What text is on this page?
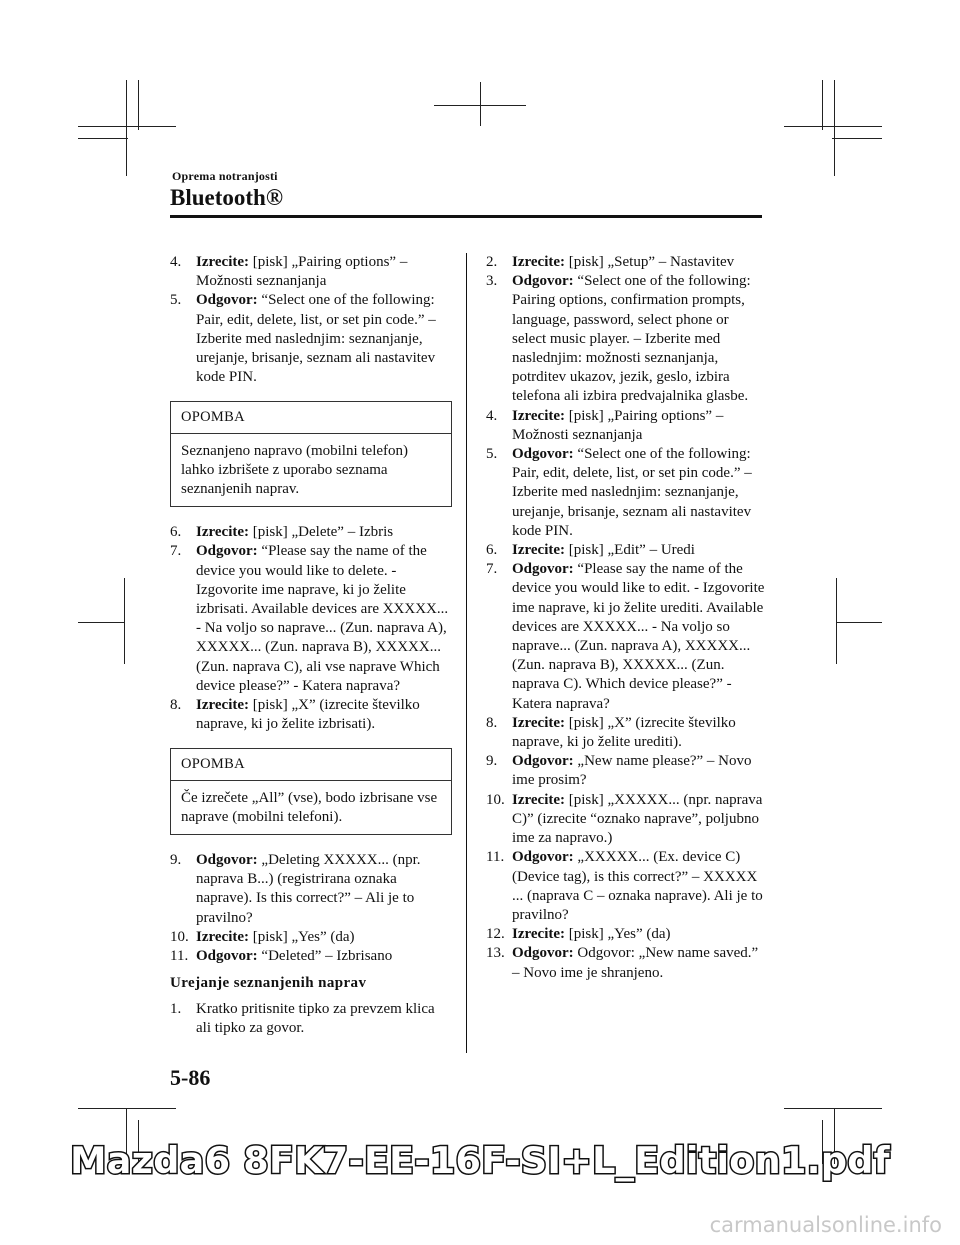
Oprema notranjosti
Bluetooth®
4. Izrecite: [pisk] „Pairing options” – Možnosti seznanjanja
5. Odgovor: “Select one of the following: Pair, edit, delete, list, or set pin code.” – Izberite med naslednjim: seznanjanje, urejanje, brisanje, seznam ali nastavitev kode PIN.
OPOMBA
Seznanjeno napravo (mobilni telefon) lahko izbrišete z uporabo seznama seznanjenih naprav.
6. Izrecite: [pisk] „Delete” – Izbris
7. Odgovor: “Please say the name of the device you would like to delete. - Izgovorite ime naprave, ki jo želite izbrisati. Available devices are XXXXX... - Na voljo so naprave... (Zun. naprava A), XXXXX... (Zun. naprava B), XXXXX... (Zun. naprava C), ali vse naprave Which device please?” - Katera naprava?
8. Izrecite: [pisk] „X” (izrecite številko naprave, ki jo želite izbrisati).
OPOMBA
Če izrečete „All” (vse), bodo izbrisane vse naprave (mobilni telefoni).
9. Odgovor: „Deleting XXXXX... (npr. naprava B...) (registrirana oznaka naprave). Is this correct?” – Ali je to pravilno?
10. Izrecite: [pisk] „Yes” (da)
11. Odgovor: “Deleted” – Izbrisano
Urejanje seznanjenih naprav
1. Kratko pritisnite tipko za prevzem klica ali tipko za govor.
2. Izrecite: [pisk] „Setup” – Nastavitev
3. Odgovor: “Select one of the following: Pairing options, confirmation prompts, language, password, select phone or select music player. – Izberite med naslednjim: možnosti seznanjanja, potrditev ukazov, jezik, geslo, izbira telefona ali izbira predvajalnika glasbe.
4. Izrecite: [pisk] „Pairing options” – Možnosti seznanjanja
5. Odgovor: “Select one of the following: Pair, edit, delete, list, or set pin code.” – Izberite med naslednjim: seznanjanje, urejanje, brisanje, seznam ali nastavitev kode PIN.
6. Izrecite: [pisk] „Edit” – Uredi
7. Odgovor: “Please say the name of the device you would like to edit. - Izgovorite ime naprave, ki jo želite urediti. Available devices are XXXXX... - Na voljo so naprave... (Zun. naprava A), XXXXX... (Zun. naprava B), XXXXX... (Zun. naprava C). Which device please?” - Katera naprava?
8. Izrecite: [pisk] „X” (izrecite številko naprave, ki jo želite urediti).
9. Odgovor: „New name please?” – Novo ime prosim?
10. Izrecite: [pisk] „XXXXX... (npr. naprava C)” (izrecite “oznako naprave”, poljubno ime za napravo.)
11. Odgovor: „XXXXX... (Ex. device C) (Device tag), is this correct?” – XXXXX ... (naprava C – oznaka naprave). Ali je to pravilno?
12. Izrecite: [pisk] „Yes” (da)
13. Odgovor: Odgovor: „New name saved.” – Novo ime je shranjeno.
5-86
Mazda6 8FK7-EE-16F-SI+L_Edition1.pdf
carmanualsonline.info
